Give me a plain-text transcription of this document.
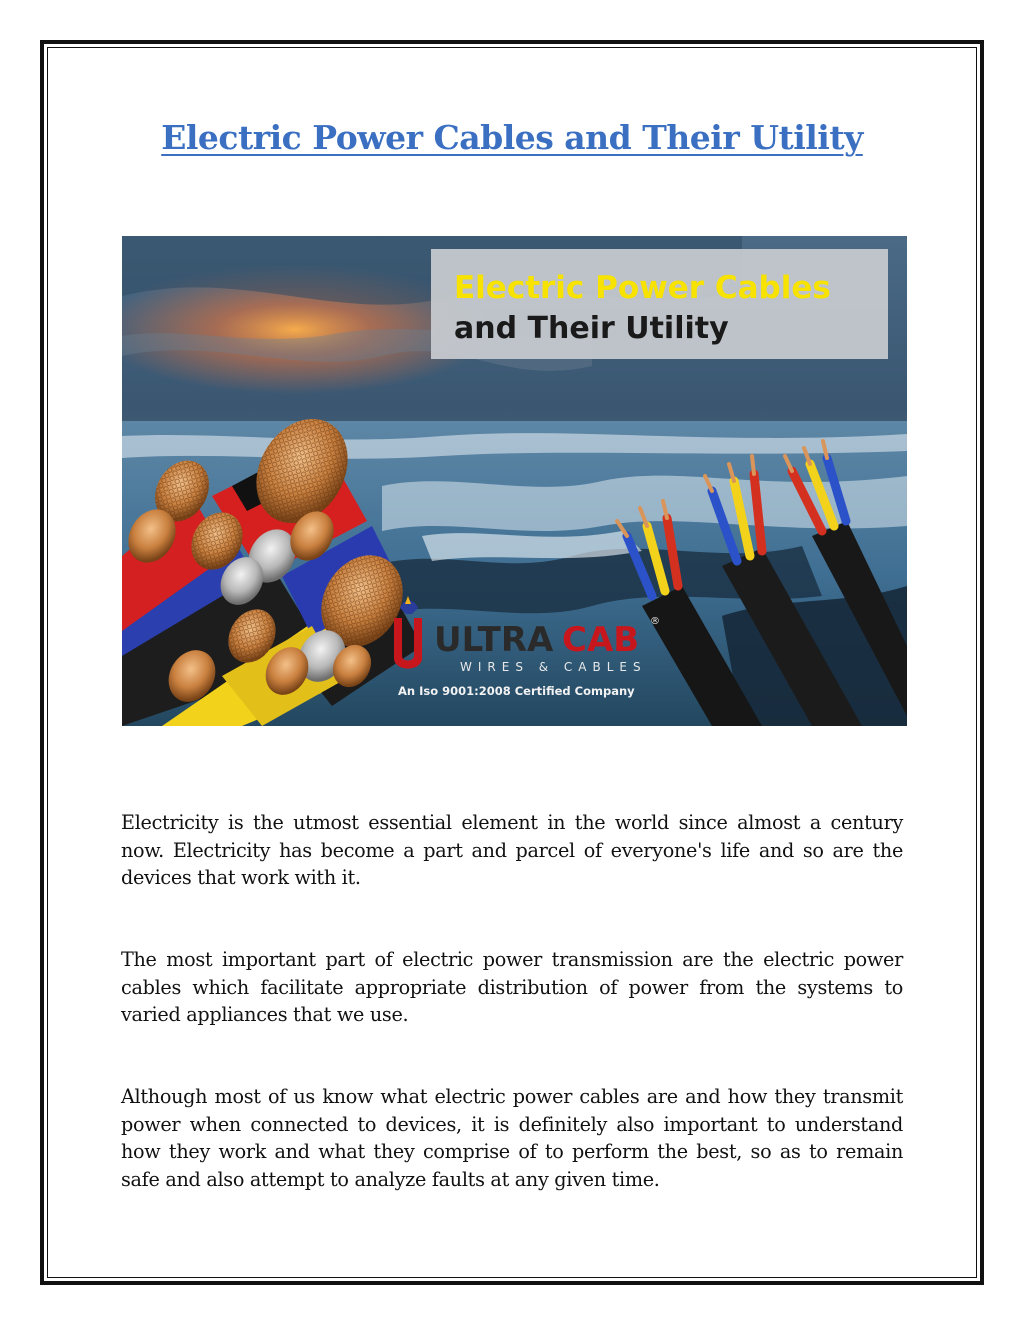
Electric Power Cables and Their Utility
Electric Power Cables
and Their Utility
ULTRA CAB ®
WIRES & CABLES
An Iso 9001:2008 Certified Company

Electricity is the utmost essential element in the world since almost a century now. Electricity has become a part and parcel of everyone's life and so are the devices that work with it.

The most important part of electric power transmission are the electric power cables which facilitate appropriate distribution of power from the systems to varied appliances that we use.

Although most of us know what electric power cables are and how they transmit power when connected to devices, it is definitely also important to understand how they work and what they comprise of to perform the best, so as to remain safe and also attempt to analyze faults at any given time.
